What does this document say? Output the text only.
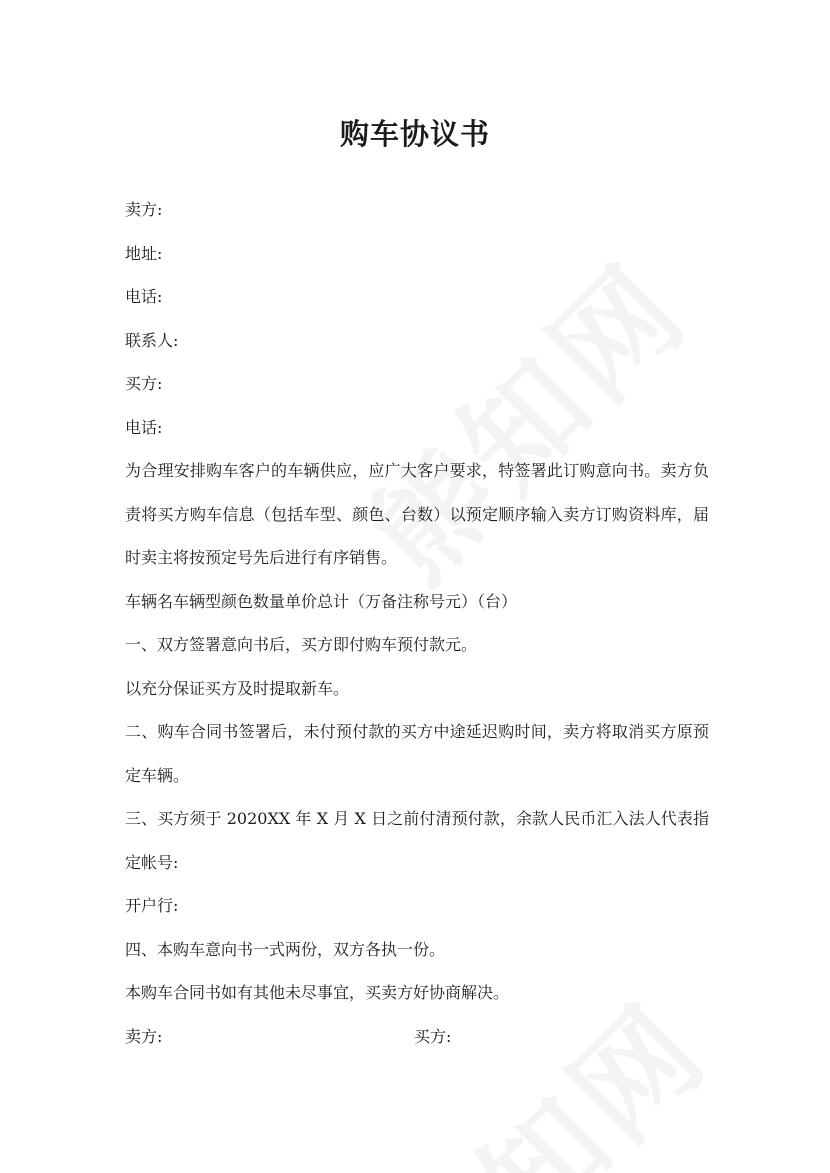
购车协议书
卖方:
地址:
电话:
联系人:
买方:
电话:
为合理安排购车客户的车辆供应，应广大客户要求，特签署此订购意向书。卖方负责将买方购车信息（包括车型、颜色、台数）以预定顺序输入卖方订购资料库，届时卖主将按预定号先后进行有序销售。
车辆名车辆型颜色数量单价总计（万备注称号元）（台）
一、双方签署意向书后，买方即付购车预付款元。
以充分保证买方及时提取新车。
二、购车合同书签署后，未付预付款的买方中途延迟购时间，卖方将取消买方原预定车辆。
三、买方须于 2020XX 年 X 月 X 日之前付清预付款，余款人民币汇入法人代表指定帐号:
开户行:
四、本购车意向书一式两份，双方各执一份。
本购车合同书如有其他未尽事宜，买卖方好协商解决。
卖方:	买方:
